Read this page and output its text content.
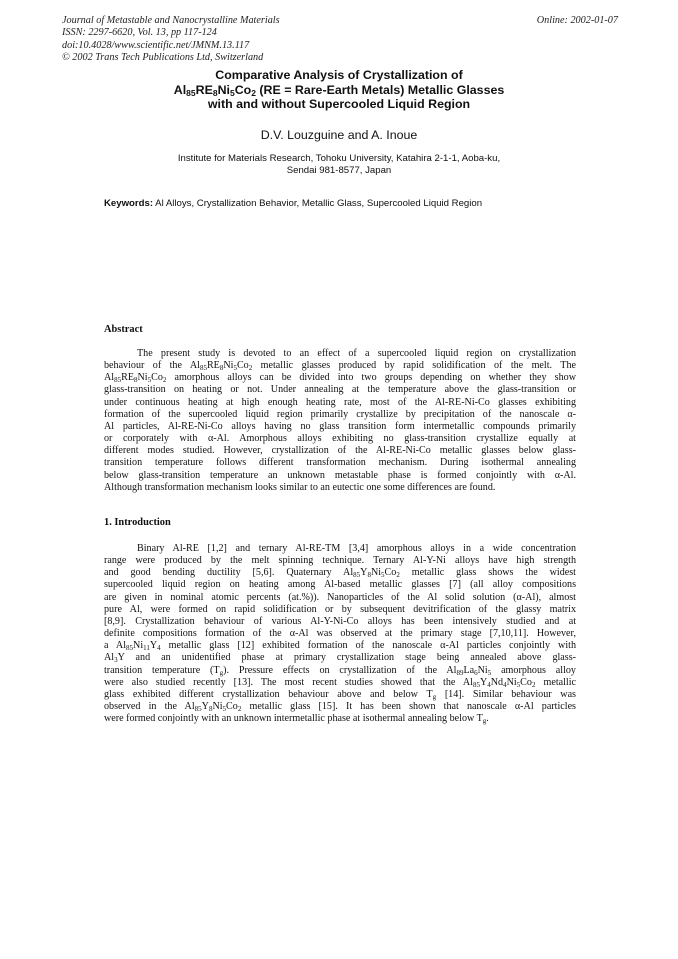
Journal of Metastable and Nanocrystalline Materials
ISSN: 2297-6620, Vol. 13, pp 117-124
doi:10.4028/www.scientific.net/JMNM.13.117
© 2002 Trans Tech Publications Ltd, Switzerland
Online: 2002-01-07
Comparative Analysis of Crystallization of
$Al_{85}RE_8Ni_5Co_2$ (RE = Rare-Earth Metals) Metallic Glasses
with and without Supercooled Liquid Region
D.V. Louzguine and A. Inoue
Institute for Materials Research, Tohoku University, Katahira 2-1-1, Aoba-ku,
Sendai 981-8577, Japan
Keywords: Al Alloys, Crystallization Behavior, Metallic Glass, Supercooled Liquid Region
Abstract
The present study is devoted to an effect of a supercooled liquid region on crystallization
behaviour of the $Al_{85}RE_8Ni_5Co_2$ metallic glasses produced by rapid solidification of the melt. The
$Al_{85}RE_8Ni_5Co_2$ amorphous alloys can be divided into two groups depending on whether they show
glass-transition on heating or not. Under annealing at the temperature above the glass-transition or
under continuous heating at high enough heating rate, most of the Al-RE-Ni-Co glasses exhibiting
formation of the supercooled liquid region primarily crystallize by precipitation of the nanoscale α-
Al particles, Al-RE-Ni-Co alloys having no glass transition form intermetallic compounds primarily
or corporately with α-Al. Amorphous alloys exhibiting no glass-transition crystallize equally at
different modes studied. However, crystallization of the Al-RE-Ni-Co metallic glasses below glass-
transition temperature follows different transformation mechanism. During isothermal annealing
below glass-transition temperature an unknown metastable phase is formed conjointly with α-Al.
Although transformation mechanism looks similar to an eutectic one some differences are found.
1. Introduction
Binary Al-RE [1,2] and ternary Al-RE-TM [3,4] amorphous alloys in a wide concentration
range were produced by the melt spinning technique. Ternary Al-Y-Ni alloys have high strength
and good bending ductility [5,6]. Quaternary $Al_{85}Y_8Ni_5Co_2$ metallic glass shows the widest
supercooled liquid region on heating among Al-based metallic glasses [7] (all alloy compositions
are given in nominal atomic percents (at.%)). Nanoparticles of the Al solid solution (α-Al), almost
pure Al, were formed on rapid solidification or by subsequent devitrification of the glassy matrix
[8,9]. Crystallization behaviour of various Al-Y-Ni-Co alloys has been intensively studied and at
definite compositions formation of the α-Al was observed at the primary stage [7,10,11]. However,
a $Al_{85}Ni_{11}Y_4$ metallic glass [12] exhibited formation of the nanoscale α-Al particles conjointly with
$Al_3Y$ and an unidentified phase at primary crystallization stage being annealed above glass-
transition temperature $(T_g)$. Pressure effects on crystallization of the $Al_{89}La_6Ni_5$ amorphous alloy
were also studied recently [13]. The most recent studies showed that the $Al_{85}Y_4Nd_4Ni_5Co_2$ metallic
glass exhibited different crystallization behaviour above and below $T_g$ [14]. Similar behaviour was
observed in the $Al_{85}Y_8Ni_5Co_2$ metallic glass [15]. It has been shown that nanoscale α-Al particles
were formed conjointly with an unknown intermetallic phase at isothermal annealing below $T_g$.
